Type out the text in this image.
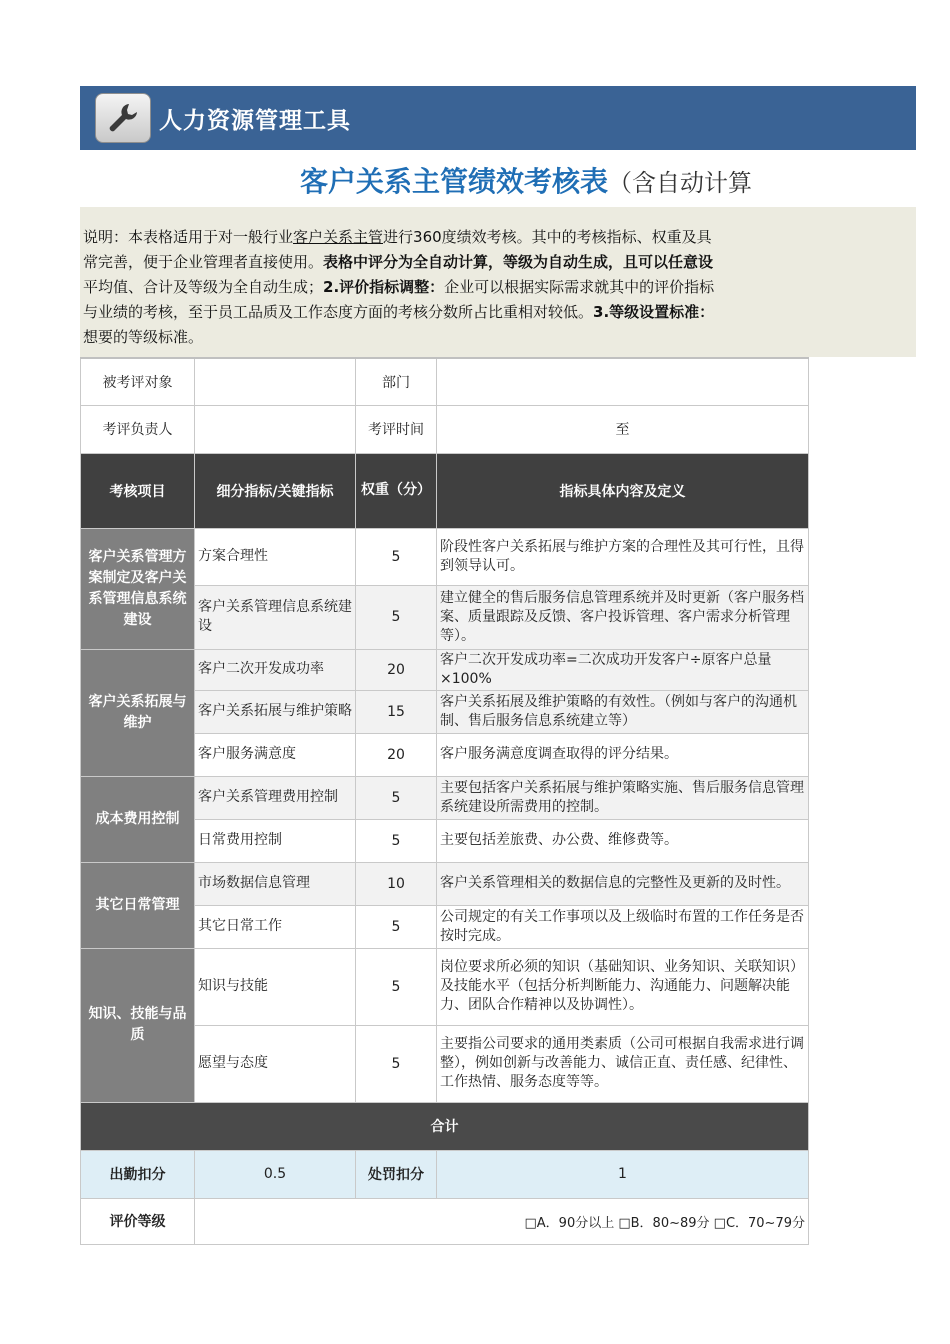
人力资源管理工具
客户关系主管绩效考核表（含自动计算
说明：本表格适用于对一般行业客户关系主管进行360度绩效考核。其中的考核指标、权重及具
常完善，便于企业管理者直接使用。表格中评分为全自动计算，等级为自动生成，且可以任意设
平均值、合计及等级为全自动生成；2.评价指标调整：企业可以根据实际需求就其中的评价指标
与业绩的考核，至于员工品质及工作态度方面的考核分数所占比重相对较低。3.等级设置标准：
想要的等级标准。
被考评对象		部门	
考评负责人		考评时间	至
考核项目	细分指标/关键指标	权重（分）	指标具体内容及定义
客户关系管理方案制定及客户关系管理信息系统建设	方案合理性	5	阶段性客户关系拓展与维护方案的合理性及其可行性，且得到领导认可。
	客户关系管理信息系统建设	5	建立健全的售后服务信息管理系统并及时更新（客户服务档案、质量跟踪及反馈、客户投诉管理、客户需求分析管理等）。
客户关系拓展与维护	客户二次开发成功率	20	客户二次开发成功率=二次成功开发客户÷原客户总量×100%
	客户关系拓展与维护策略	15	客户关系拓展及维护策略的有效性。（例如与客户的沟通机制、售后服务信息系统建立等）
	客户服务满意度	20	客户服务满意度调查取得的评分结果。
成本费用控制	客户关系管理费用控制	5	主要包括客户关系拓展与维护策略实施、售后服务信息管理系统建设所需费用的控制。
	日常费用控制	5	主要包括差旅费、办公费、维修费等。
其它日常管理	市场数据信息管理	10	客户关系管理相关的数据信息的完整性及更新的及时性。
	其它日常工作	5	公司规定的有关工作事项以及上级临时布置的工作任务是否按时完成。
知识、技能与品质	知识与技能	5	岗位要求所必须的知识（基础知识、业务知识、关联知识）及技能水平（包括分析判断能力、沟通能力、问题解决能力、团队合作精神以及协调性）。
	愿望与态度	5	主要指公司要求的通用类素质（公司可根据自我需求进行调整），例如创新与改善能力、诚信正直、责任感、纪律性、工作热情、服务态度等等。
合计			
出勤扣分	0.5	处罚扣分	1
评价等级	□A．90分以上 □B．80~89分 □C．70~79分		
